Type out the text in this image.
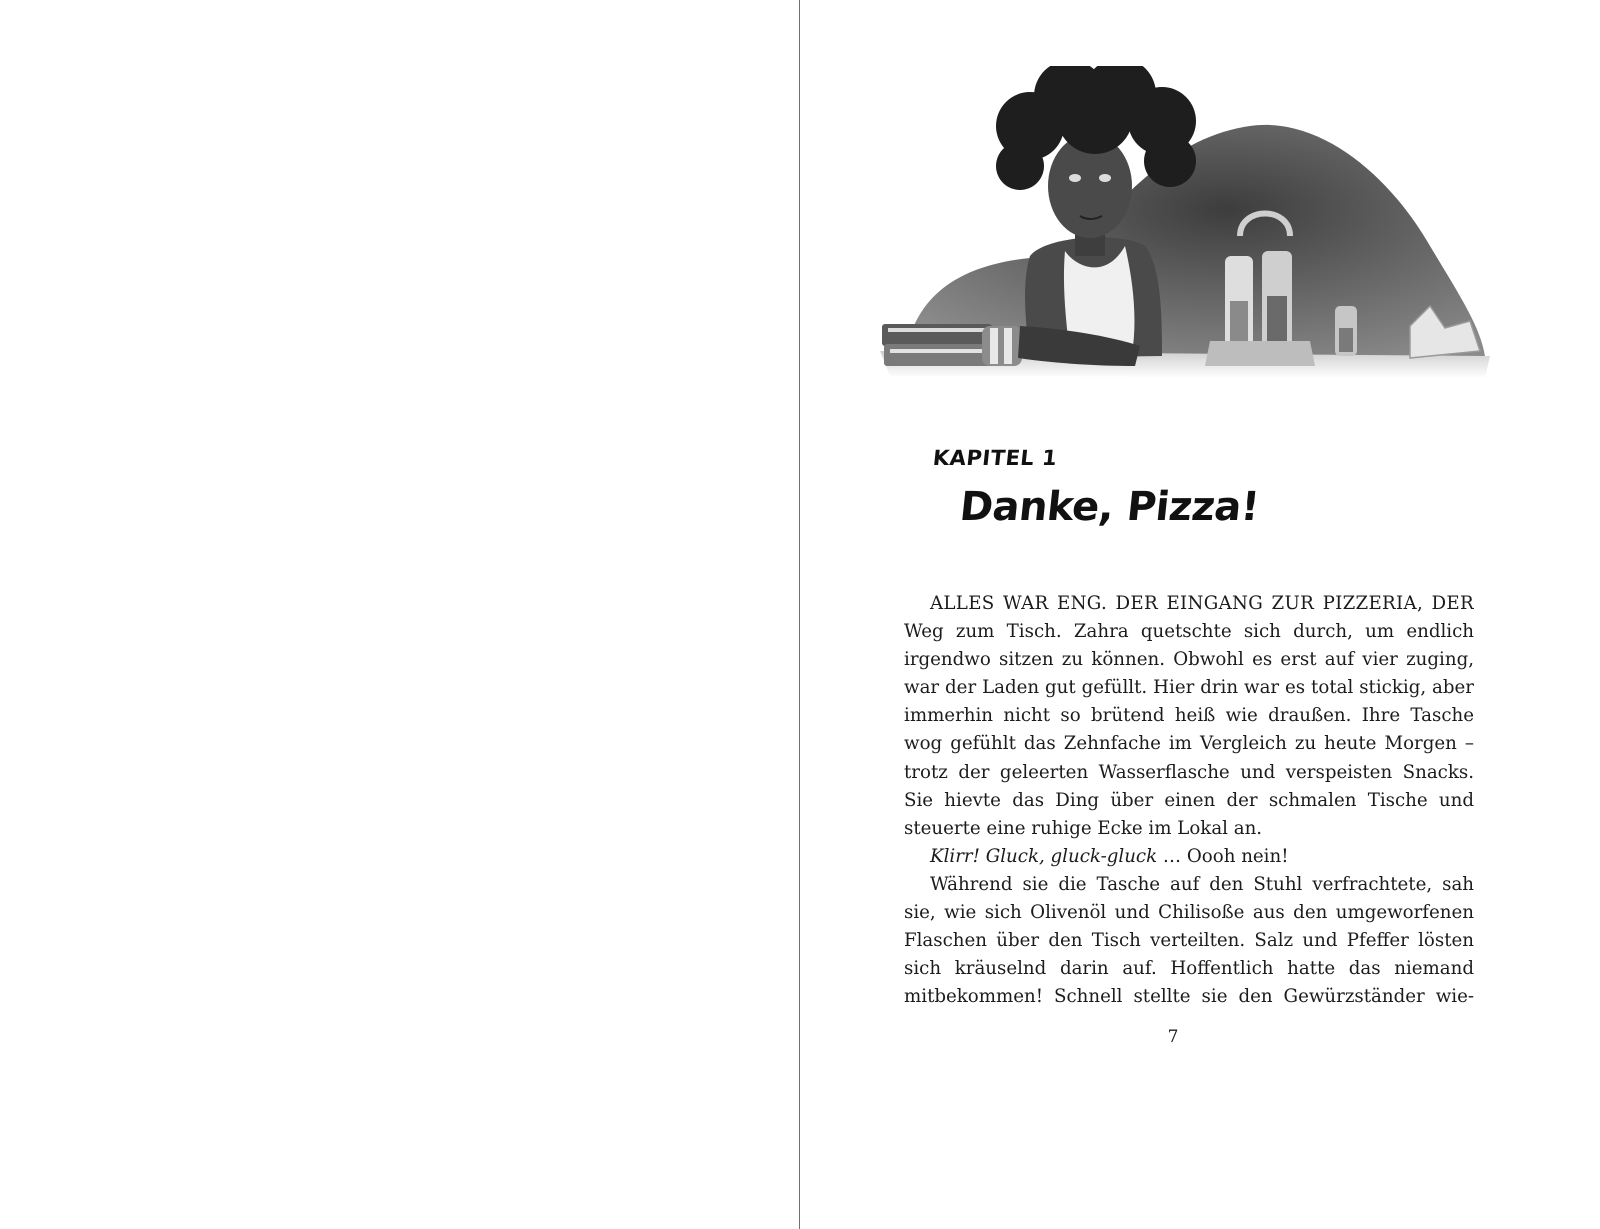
KAPITEL 1
Danke, Pizza!
ALLES WAR ENG. DER EINGANG ZUR PIZZERIA, DER
Weg zum Tisch. Zahra quetschte sich durch, um endlich
irgendwo sitzen zu können. Obwohl es erst auf vier zuging,
war der Laden gut gefüllt. Hier drin war es total stickig, aber
immerhin nicht so brütend heiß wie draußen. Ihre Tasche
wog gefühlt das Zehnfache im Vergleich zu heute Morgen –
trotz der geleerten Wasserflasche und verspeisten Snacks.
Sie hievte das Ding über einen der schmalen Tische und
steuerte eine ruhige Ecke im Lokal an.
Klirr! Gluck, gluck-gluck … Oooh nein!
Während sie die Tasche auf den Stuhl verfrachtete, sah
sie, wie sich Olivenöl und Chilisoße aus den umgeworfenen
Flaschen über den Tisch verteilten. Salz und Pfeffer lösten
sich kräuselnd darin auf. Hoffentlich hatte das niemand
mitbekommen! Schnell stellte sie den Gewürzständer wie-
7
